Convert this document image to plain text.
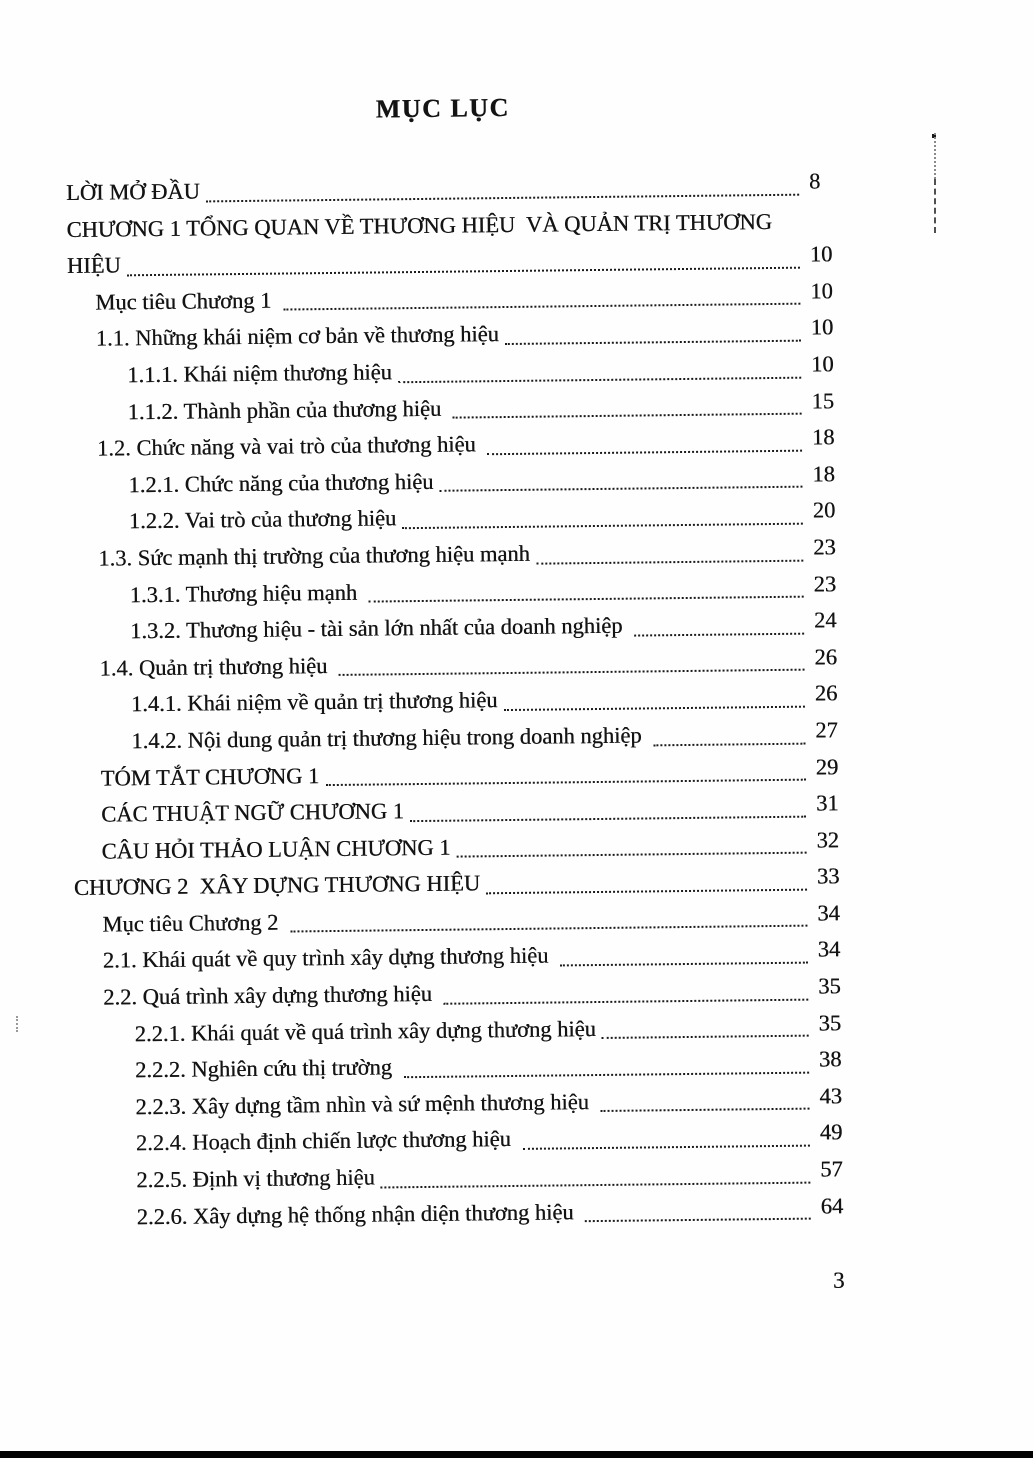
MỤC LỤC
LỜI MỞ ĐẦU	8
CHƯƠNG 1 TỔNG QUAN VỀ THƯƠNG HIỆU  VÀ QUẢN TRỊ THƯƠNG
HIỆU	10
Mục tiêu Chương 1	10
1.1. Những khái niệm cơ bản về thương hiệu	10
1.1.1. Khái niệm thương hiệu	10
1.1.2. Thành phần của thương hiệu	15
1.2. Chức năng và vai trò của thương hiệu	18
1.2.1. Chức năng của thương hiệu	18
1.2.2. Vai trò của thương hiệu	20
1.3. Sức mạnh thị trường của thương hiệu mạnh	23
1.3.1. Thương hiệu mạnh	23
1.3.2. Thương hiệu - tài sản lớn nhất của doanh nghiệp	24
1.4. Quản trị thương hiệu	26
1.4.1. Khái niệm về quản trị thương hiệu	26
1.4.2. Nội dung quản trị thương hiệu trong doanh nghiệp	27
TÓM TẮT CHƯƠNG 1	29
CÁC THUẬT NGỮ CHƯƠNG 1	31
CÂU HỎI THẢO LUẬN CHƯƠNG 1	32
CHƯƠNG 2  XÂY DỰNG THƯƠNG HIỆU	33
Mục tiêu Chương 2	34
2.1. Khái quát về quy trình xây dựng thương hiệu	34
2.2. Quá trình xây dựng thương hiệu	35
2.2.1. Khái quát về quá trình xây dựng thương hiệu	35
2.2.2. Nghiên cứu thị trường	38
2.2.3. Xây dựng tầm nhìn và sứ mệnh thương hiệu	43
2.2.4. Hoạch định chiến lược thương hiệu	49
2.2.5. Định vị thương hiệu	57
2.2.6. Xây dựng hệ thống nhận diện thương hiệu	64
3
